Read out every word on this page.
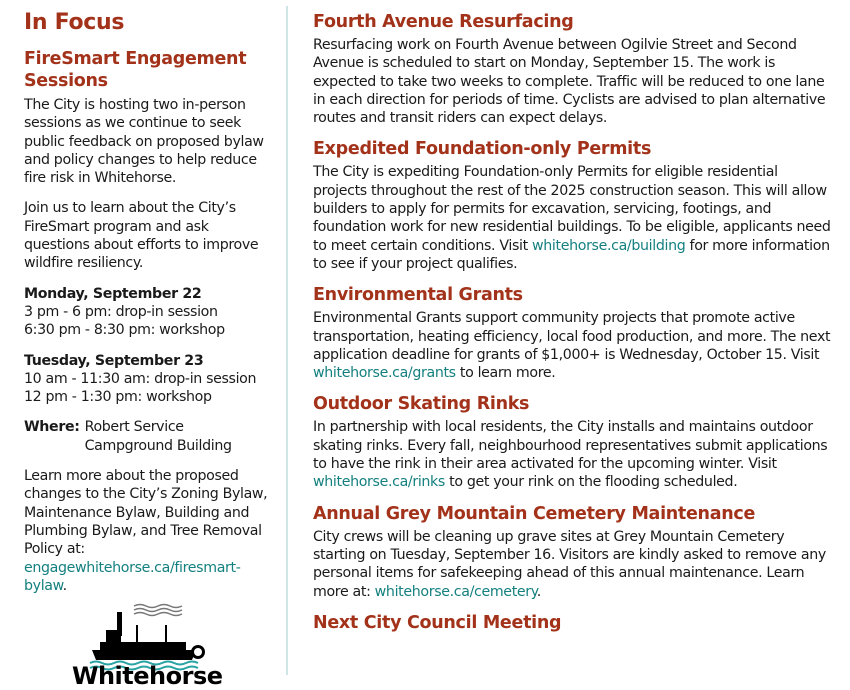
In Focus
FireSmart Engagement Sessions

The City is hosting two in-person sessions as we continue to seek public feedback on proposed bylaw and policy changes to help reduce fire risk in Whitehorse.

Join us to learn about the City’s FireSmart program and ask questions about efforts to improve wildfire resiliency.

Monday, September 22
3 pm - 6 pm: drop-in session
6:30 pm - 8:30 pm: workshop

Tuesday, September 23
10 am - 11:30 am: drop-in session
12 pm - 1:30 pm: workshop

Where: Robert Service
Campground Building

Learn more about the proposed changes to the City’s Zoning Bylaw, Maintenance Bylaw, Building and Plumbing Bylaw, and Tree Removal Policy at: engagewhitehorse.ca/firesmart-bylaw.

Whitehorse
Fourth Avenue Resurfacing

Resurfacing work on Fourth Avenue between Ogilvie Street and Second Avenue is scheduled to start on Monday, September 15. The work is expected to take two weeks to complete. Traffic will be reduced to one lane in each direction for periods of time. Cyclists are advised to plan alternative routes and transit riders can expect delays.

Expedited Foundation-only Permits

The City is expediting Foundation-only Permits for eligible residential projects throughout the rest of the 2025 construction season. This will allow builders to apply for permits for excavation, servicing, footings, and foundation work for new residential buildings. To be eligible, applicants need to meet certain conditions. Visit whitehorse.ca/building for more information to see if your project qualifies.

Environmental Grants

Environmental Grants support community projects that promote active transportation, heating efficiency, local food production, and more. The next application deadline for grants of $1,000+ is Wednesday, October 15. Visit whitehorse.ca/grants to learn more.

Outdoor Skating Rinks

In partnership with local residents, the City installs and maintains outdoor skating rinks. Every fall, neighbourhood representatives submit applications to have the rink in their area activated for the upcoming winter. Visit whitehorse.ca/rinks to get your rink on the flooding scheduled.

Annual Grey Mountain Cemetery Maintenance

City crews will be cleaning up grave sites at Grey Mountain Cemetery starting on Tuesday, September 16. Visitors are kindly asked to remove any personal items for safekeeping ahead of this annual maintenance. Learn more at: whitehorse.ca/cemetery.

Next City Council Meeting
